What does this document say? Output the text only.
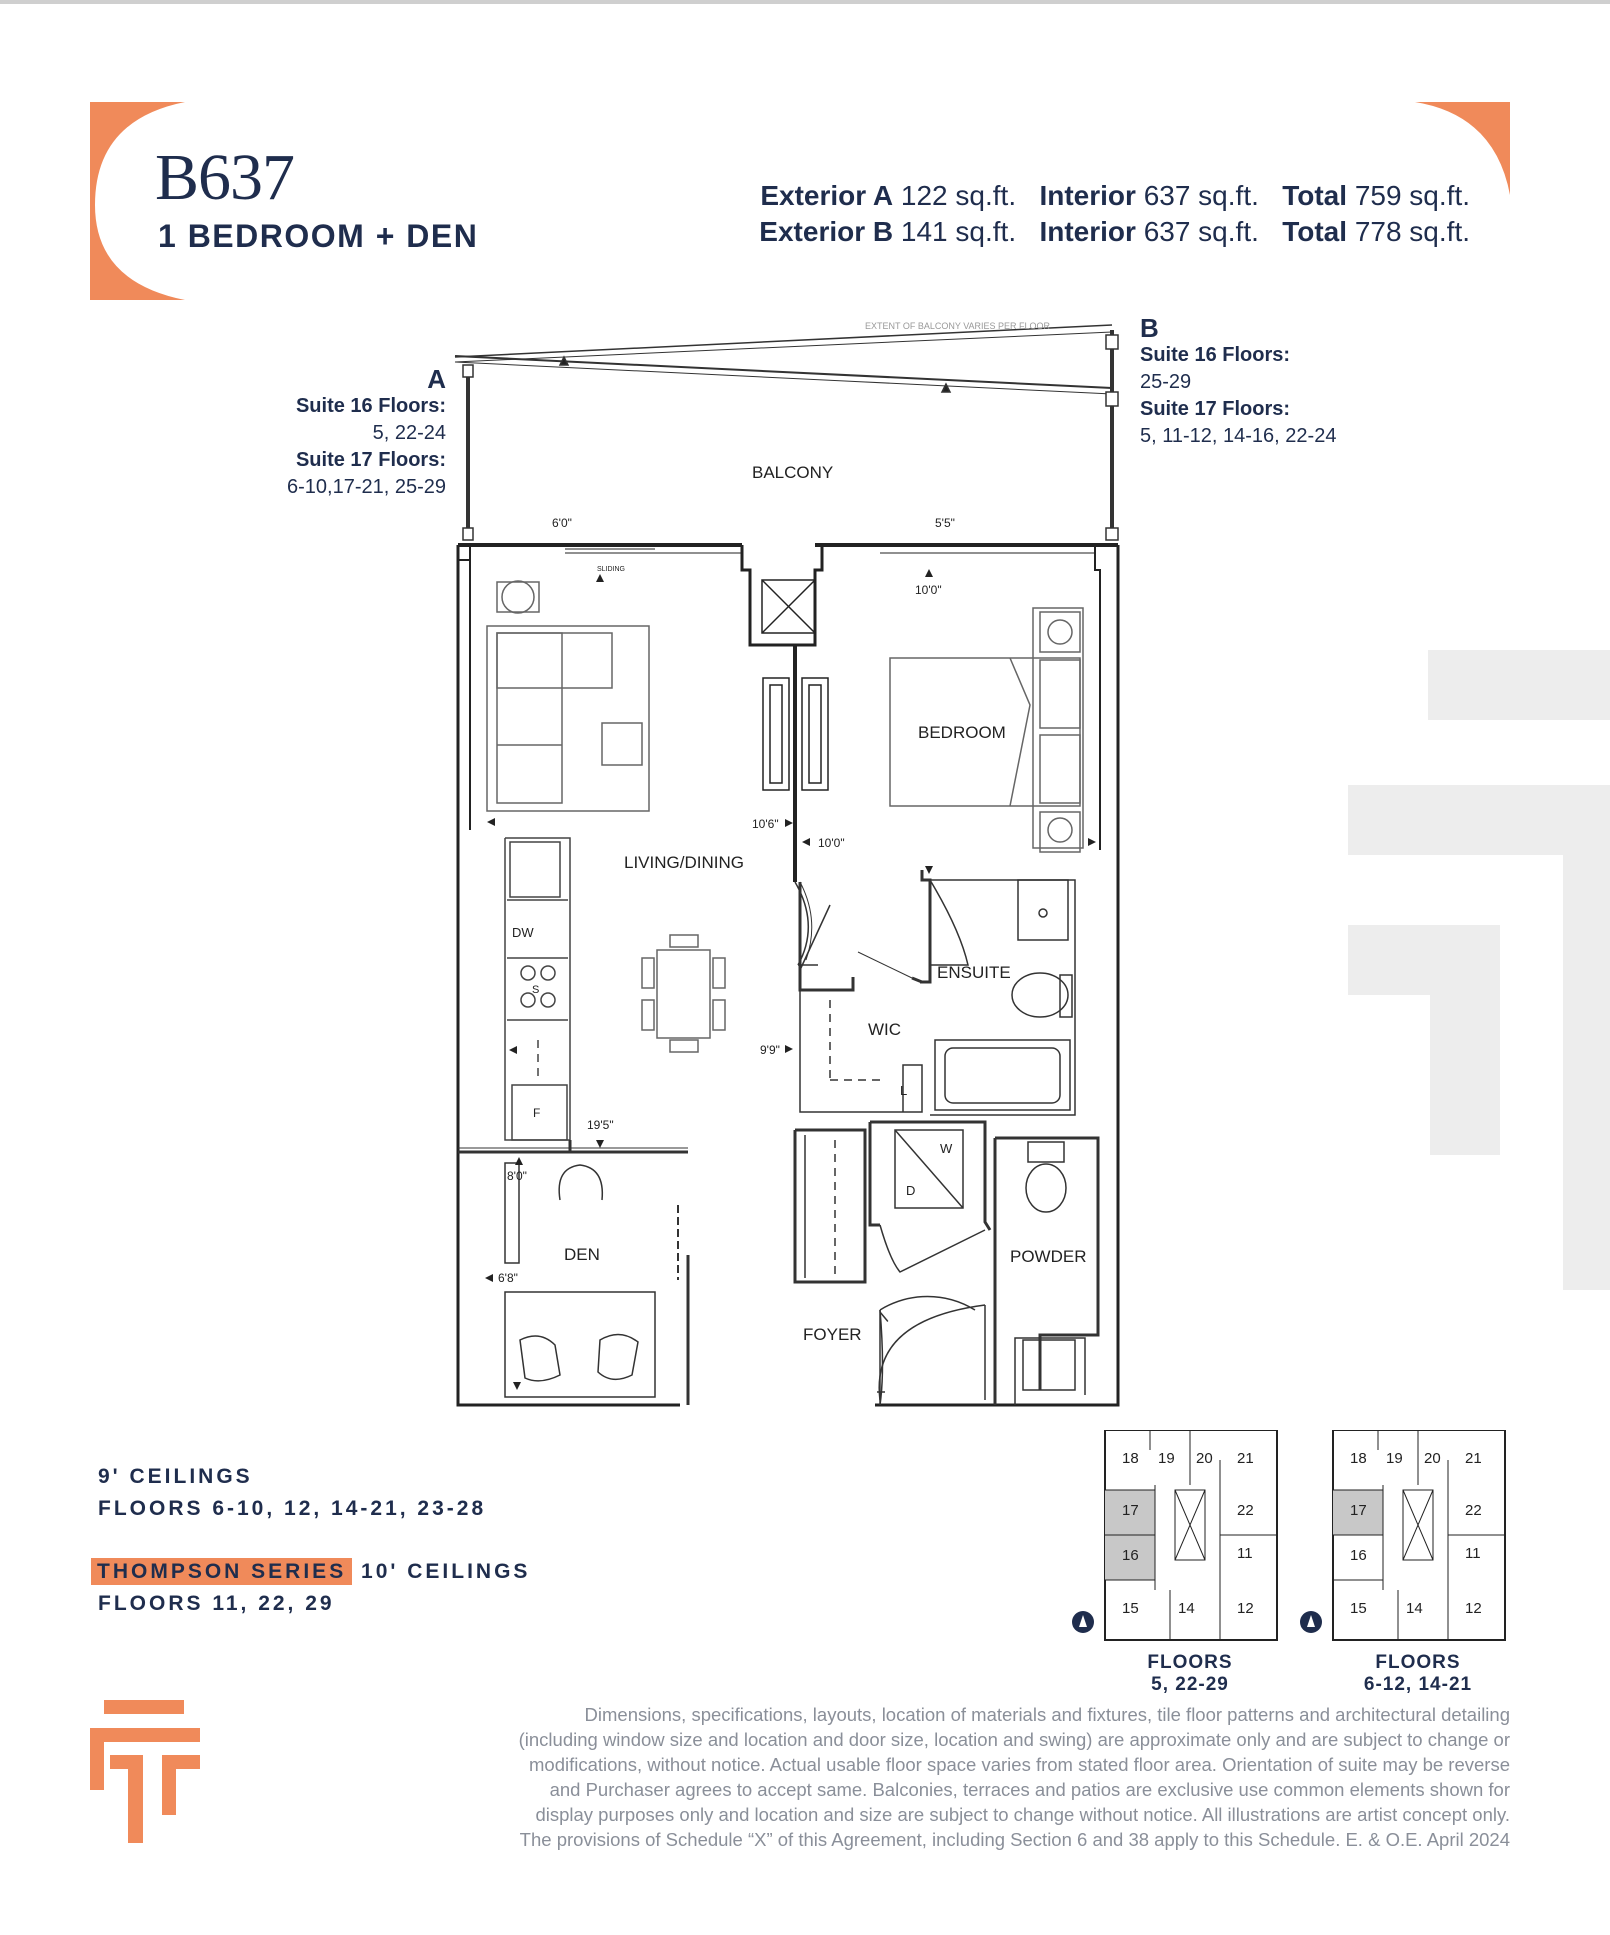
B637
1 BEDROOM + DEN
Exterior A 122 sq.ft. Interior 637 sq.ft. Total 759 sq.ft.
Exterior B 141 sq.ft. Interior 637 sq.ft. Total 778 sq.ft.
A
Suite 16 Floors:
5, 22-24
Suite 17 Floors:
6-10,17-21, 25-29
B
Suite 16 Floors:
25-29
Suite 17 Floors:
5, 11-12, 14-16, 22-24
EXTENT OF BALCONY VARIES PER FLOOR
BALCONY
BEDROOM
DW
S
F
LIVING/DINING
ENSUITE
WIC
L
W
D
POWDER
DEN
FOYER
6'0"	5'5"
10'0"
10'6"
10'0"
9'9"
19'5"
8'0"
6'8"
SLIDING
9' CEILINGS
FLOORS 6-10, 12, 14-21, 23-28
THOMPSON SERIES 10' CEILINGS
FLOORS 11, 22, 29
18 19 20 21
17	22
16	11
15	14	12
18 19 20 21
17	22
16	11
15	14	12
FLOORS
5, 22-29
FLOORS
6-12, 14-21
Dimensions, specifications, layouts, location of materials and fixtures, tile floor patterns and architectural detailing
(including window size and location and door size, location and swing) are approximate only and are subject to change or
modifications, without notice. Actual usable floor space varies from stated floor area. Orientation of suite may be reverse
and Purchaser agrees to accept same. Balconies, terraces and patios are exclusive use common elements shown for
display purposes only and location and size are subject to change without notice. All illustrations are artist concept only.
The provisions of Schedule “X” of this Agreement, including Section 6 and 38 apply to this Schedule. E. & O.E. April 2024
